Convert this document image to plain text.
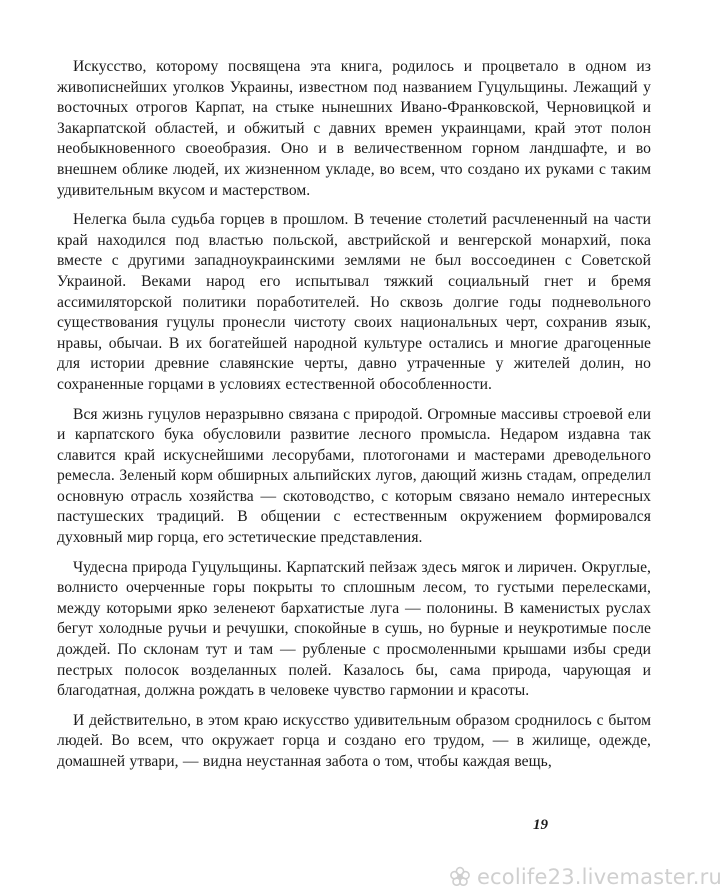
Искусство, которому посвящена эта книга, родилось и процветало в одном из живописнейших уголков Украины, известном под названием Гуцульщины. Лежащий у восточных отрогов Карпат, на стыке нынешних Ивано-Франковской, Черновицкой и Закарпатской областей, и обжитый с давних времен украинцами, край этот полон необыкновенного своеобразия. Оно и в величественном горном ландшафте, и во внешнем облике людей, их жизненном укладе, во всем, что создано их руками с таким удивительным вкусом и мастерством.

Нелегка была судьба горцев в прошлом. В течение столетий расчлененный на части край находился под властью польской, австрийской и венгерской монархий, пока вместе с другими западноукраинскими землями не был воссоединен с Советской Украиной. Веками народ его испытывал тяжкий социальный гнет и бремя ассимиляторской политики поработителей. Но сквозь долгие годы подневольного существования гуцулы пронесли чистоту своих национальных черт, сохранив язык, нравы, обычаи. В их богатейшей народной культуре остались и многие драгоценные для истории древние славянские черты, давно утраченные у жителей долин, но сохраненные горцами в условиях естественной обособленности.

Вся жизнь гуцулов неразрывно связана с природой. Огромные массивы строевой ели и карпатского бука обусловили развитие лесного промысла. Недаром издавна так славится край искуснейшими лесорубами, плотогонами и мастерами древодельного ремесла. Зеленый корм обширных альпийских лугов, дающий жизнь стадам, определил основную отрасль хозяйства — скотоводство, с которым связано немало интересных пастушеских традиций. В общении с естественным окружением формировался духовный мир горца, его эстетические представления.

Чудесна природа Гуцульщины. Карпатский пейзаж здесь мягок и лиричен. Округлые, волнисто очерченные горы покрыты то сплошным лесом, то густыми перелесками, между которыми ярко зеленеют бархатистые луга — полонины. В каменистых руслах бегут холодные ручьи и речушки, спокойные в сушь, но бурные и неукротимые после дождей. По склонам тут и там — рубленые с просмоленными крышами избы среди пестрых полосок возделанных полей. Казалось бы, сама природа, чарующая и благодатная, должна рождать в человеке чувство гармонии и красоты.

И действительно, в этом краю искусство удивительным образом сроднилось с бытом людей. Во всем, что окружает горца и создано его трудом, — в жилище, одежде, домашней утвари, — видна неустанная забота о том, чтобы каждая вещь,

19
ecolife23.livemaster.ru
